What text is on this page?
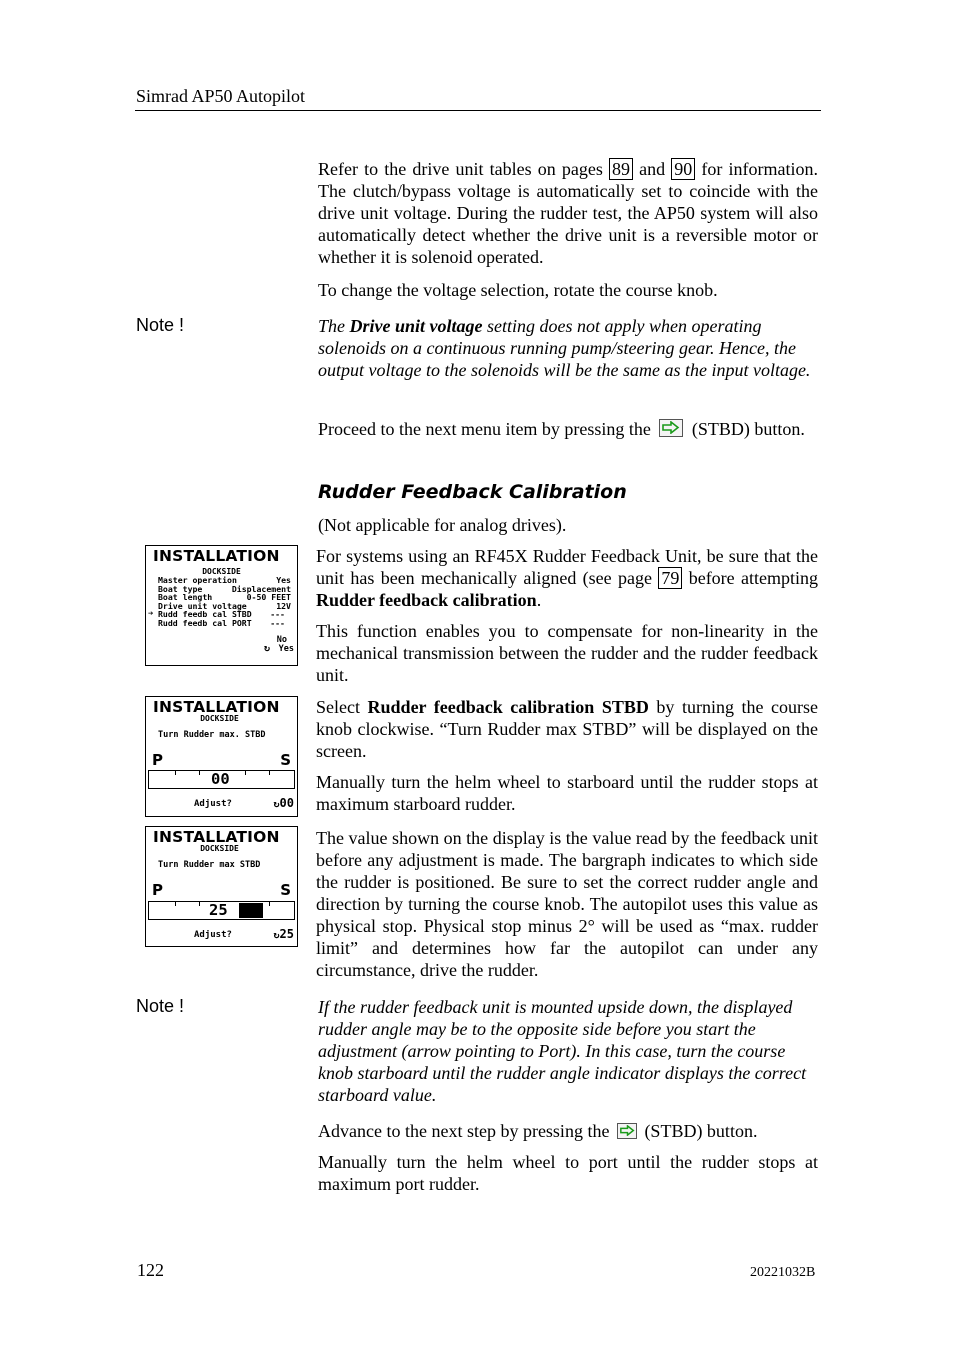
Simrad AP50 Autopilot
Refer to the drive unit tables on pages 89 and 90 for information. The clutch/bypass voltage is automatically set to coincide with the drive unit voltage. During the rudder test, the AP50 system will also automatically detect whether the drive unit is a reversible motor or whether it is solenoid operated.
To change the voltage selection, rotate the course knob.
Note !	The Drive unit voltage setting does not apply when operating solenoids on a continuous running pump/steering gear. Hence, the output voltage to the solenoids will be the same as the input voltage.
Proceed to the next menu item by pressing the (STBD) button.
Rudder Feedback Calibration
(Not applicable for analog drives).
For systems using an RF45X Rudder Feedback Unit, be sure that the unit has been mechanically aligned (see page 79 before attempting Rudder feedback calibration.
This function enables you to compensate for non-linearity in the mechanical transmission between the rudder and the rudder feedback unit.
Select Rudder feedback calibration STBD by turning the course knob clockwise. “Turn Rudder max STBD” will be displayed on the screen.
Manually turn the helm wheel to starboard until the rudder stops at maximum starboard rudder.
The value shown on the display is the value read by the feedback unit before any adjustment is made. The bargraph indicates to which side the rudder is positioned. Be sure to set the correct rudder angle and direction by turning the course knob. The autopilot uses this value as physical stop. Physical stop minus 2° will be used as “max. rudder limit” and determines how far the autopilot can under any circumstance, drive the rudder.
Note !	If the rudder feedback unit is mounted upside down, the displayed rudder angle may be to the opposite side before you start the adjustment (arrow pointing to Port). In this case, turn the course knob starboard until the rudder angle indicator displays the correct starboard value.
Advance to the next step by pressing the (STBD) button.
Manually turn the helm wheel to port until the rudder stops at maximum port rudder.
INSTALLATION
DOCKSIDE
Master operation	Yes
Boat type	Displacement
Boat length	0-50 FEET
Drive unit voltage	12V
➔ Rudd feedb cal STBD ---
Rudd feedb cal PORT ---
No
Yes
↻
INSTALLATION
DOCKSIDE
Turn Rudder max. STBD
P	S
00
Adjust?	↻00
INSTALLATION
DOCKSIDE
Turn Rudder max STBD
P	S
25
Adjust?	↻25
122	20221032B
